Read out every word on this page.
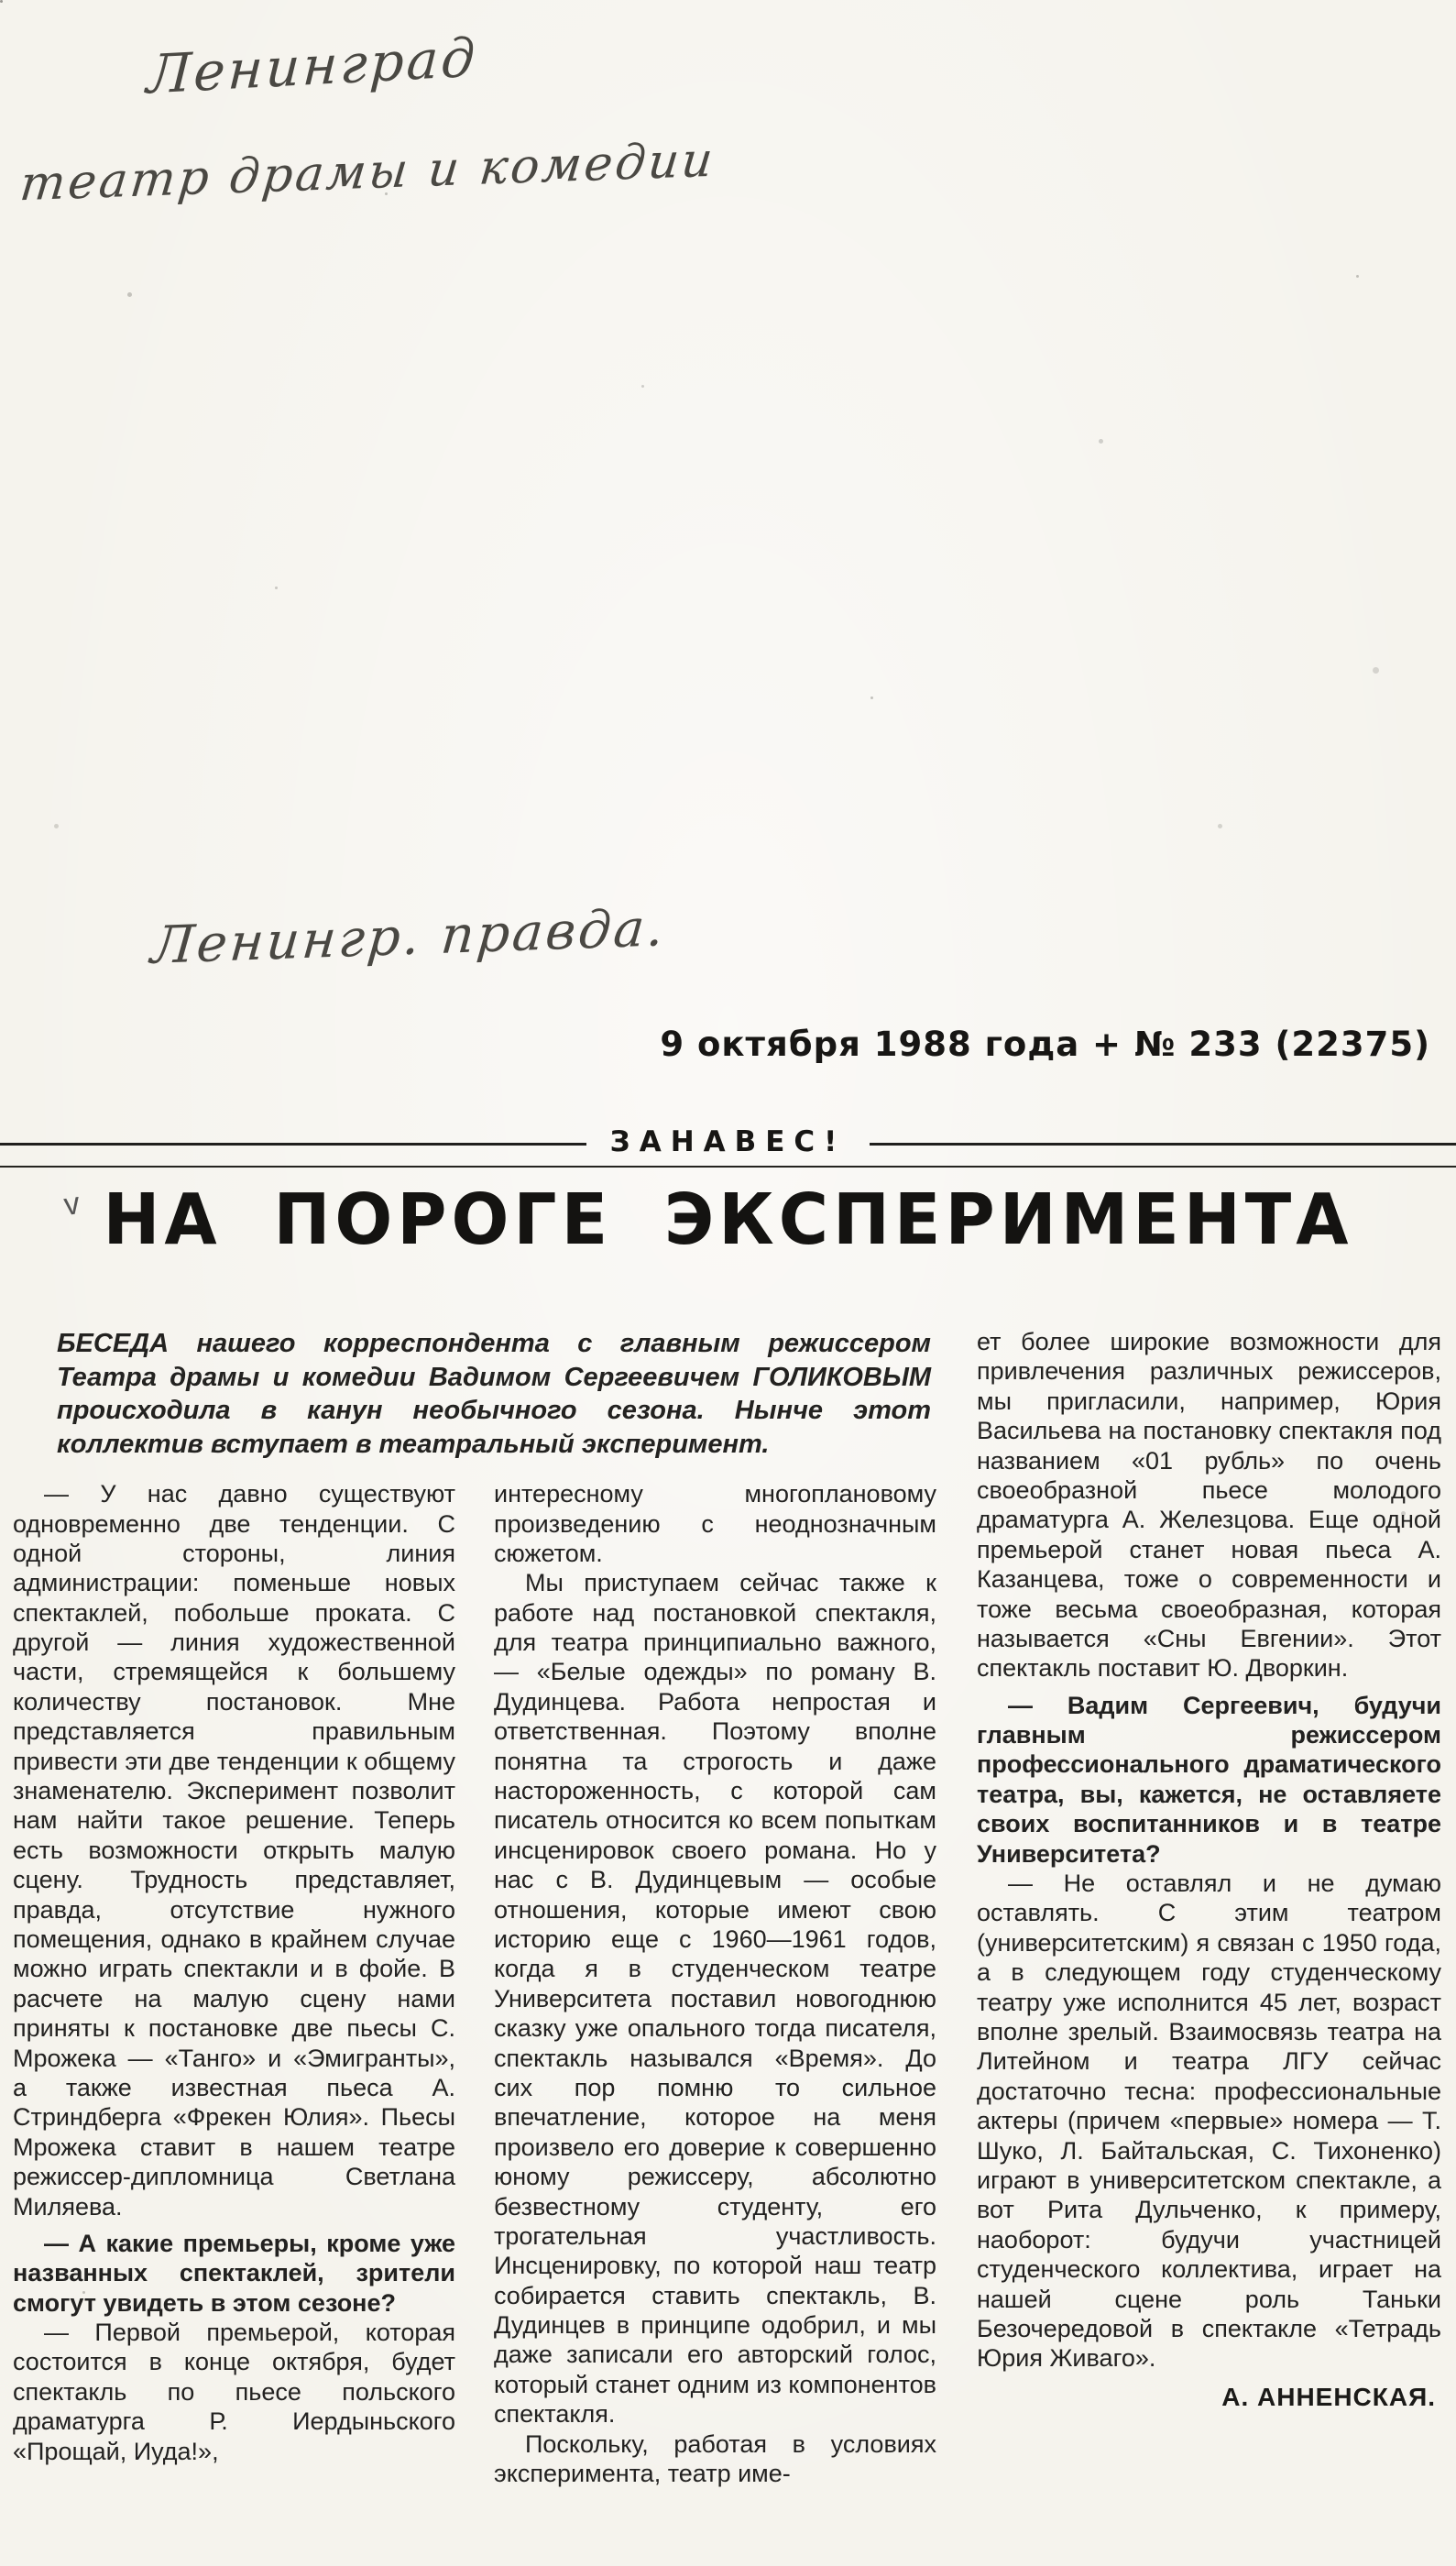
Ленинград
театр драмы и комедии
Ленингр. правда.
9 октября 1988 года + № 233 (22375)
ЗАНАВЕС!
v НА ПОРОГЕ ЭКСПЕРИМЕНТА

БЕСЕДА нашего корреспондента с главным режиссером Театра драмы и комедии Вадимом Сергеевичем ГОЛИКОВЫМ происходила в канун необычного сезона. Нынче этот коллектив вступает в театральный эксперимент.

— У нас давно существуют одновременно две тенденции. С одной стороны, линия администрации: поменьше новых спектаклей, побольше проката. С другой — линия художественной части, стремящейся к большему количеству постановок. Мне представляется правильным привести эти две тенденции к общему знаменателю. Эксперимент позволит нам найти такое решение. Теперь есть возможности открыть малую сцену. Трудность представляет, правда, отсутствие нужного помещения, однако в крайнем случае можно играть спектакли и в фойе. В расчете на малую сцену нами приняты к постановке две пьесы С. Мрожека — «Танго» и «Эмигранты», а также известная пьеса А. Стриндберга «Фрекен Юлия». Пьесы Мрожека ставит в нашем театре режиссер-дипломница Светлана Миляева.

— А какие премьеры, кроме уже названных спектаклей, зрители смогут увидеть в этом сезоне?

— Первой премьерой, которая состоится в конце октября, будет спектакль по пьесе польского драматурга Р. Иердыньского «Прощай, Иуда!»,

интересному многоплановому произведению с неоднозначным сюжетом.

Мы приступаем сейчас также к работе над постановкой спектакля, для театра принципиально важного, — «Белые одежды» по роману В. Дудинцева. Работа непростая и ответственная. Поэтому вполне понятна та строгость и даже настороженность, с которой сам писатель относится ко всем попыткам инсценировок своего романа. Но у нас с В. Дудинцевым — особые отношения, которые имеют свою историю еще с 1960—1961 годов, когда я в студенческом театре Университета поставил новогоднюю сказку уже опального тогда писателя, спектакль назывался «Время». До сих пор помню то сильное впечатление, которое на меня произвело его доверие к совершенно юному режиссеру, абсолютно безвестному студенту, его трогательная участливость. Инсценировку, по которой наш театр собирается ставить спектакль, В. Дудинцев в принципе одобрил, и мы даже записали его авторский голос, который станет одним из компонентов спектакля.

Поскольку, работая в условиях эксперимента, театр име-

ет более широкие возможности для привлечения различных режиссеров, мы пригласили, например, Юрия Васильева на постановку спектакля под названием «01 рубль» по очень своеобразной пьесе молодого драматурга А. Железцова. Еще одной премьерой станет новая пьеса А. Казанцева, тоже о современности и тоже весьма своеобразная, которая называется «Сны Евгении». Этот спектакль поставит Ю. Дворкин.

— Вадим Сергеевич, будучи главным режиссером профессионального драматического театра, вы, кажется, не оставляете своих воспитанников и в театре Университета?

— Не оставлял и не думаю оставлять. С этим театром (университетским) я связан с 1950 года, а в следующем году студенческому театру уже исполнится 45 лет, возраст вполне зрелый. Взаимосвязь театра на Литейном и театра ЛГУ сейчас достаточно тесна: профессиональные актеры (причем «первые» номера — Т. Шуко, Л. Байтальская, С. Тихоненко) играют в университетском спектакле, а вот Рита Дульченко, к примеру, наоборот: будучи участницей студенческого коллектива, играет на нашей сцене роль Таньки Безочередовой в спектакле «Тетрадь Юрия Живаго».

А. АННЕНСКАЯ.
